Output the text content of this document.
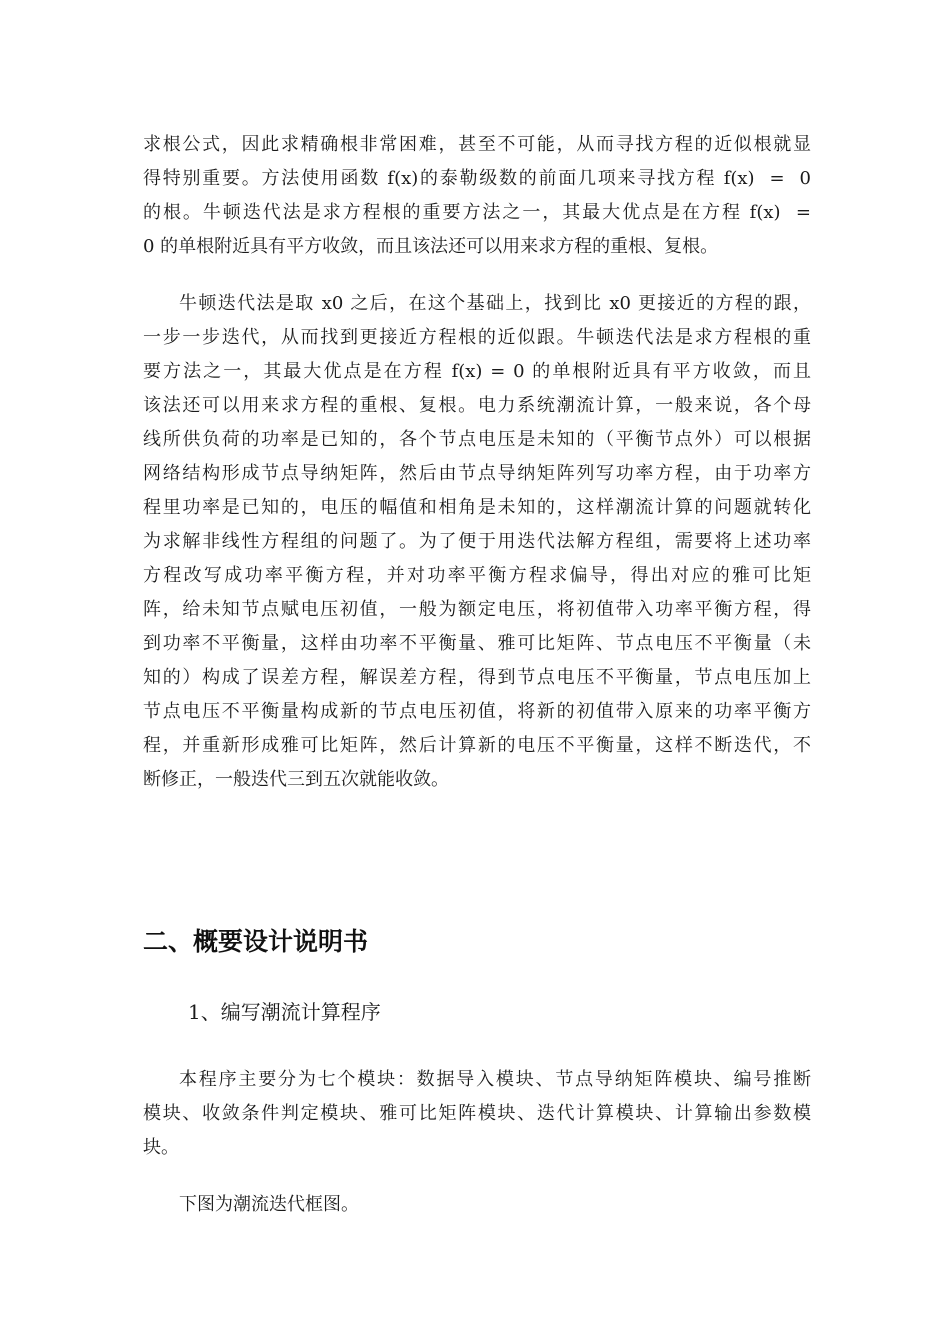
求根公式，因此求精确根非常困难，甚至不可能，从而寻找方程的近似根就显
得特别重要。方法使用函数 f(x)的泰勒级数的前面几项来寻找方程 f(x)  =  0
的根。牛顿迭代法是求方程根的重要方法之一，其最大优点是在方程 f(x)  =
0 的单根附近具有平方收敛，而且该法还可以用来求方程的重根、复根。
牛顿迭代法是取 x0 之后，在这个基础上，找到比 x0 更接近的方程的跟，
一步一步迭代，从而找到更接近方程根的近似跟。牛顿迭代法是求方程根的重
要方法之一，其最大优点是在方程 f(x) = 0 的单根附近具有平方收敛，而且
该法还可以用来求方程的重根、复根。电力系统潮流计算，一般来说，各个母
线所供负荷的功率是已知的，各个节点电压是未知的（平衡节点外）可以根据
网络结构形成节点导纳矩阵，然后由节点导纳矩阵列写功率方程，由于功率方
程里功率是已知的，电压的幅值和相角是未知的，这样潮流计算的问题就转化
为求解非线性方程组的问题了。为了便于用迭代法解方程组，需要将上述功率
方程改写成功率平衡方程，并对功率平衡方程求偏导，得出对应的雅可比矩
阵，给未知节点赋电压初值，一般为额定电压，将初值带入功率平衡方程，得
到功率不平衡量，这样由功率不平衡量、雅可比矩阵、节点电压不平衡量（未
知的）构成了误差方程，解误差方程，得到节点电压不平衡量，节点电压加上
节点电压不平衡量构成新的节点电压初值，将新的初值带入原来的功率平衡方
程，并重新形成雅可比矩阵，然后计算新的电压不平衡量，这样不断迭代，不
断修正，一般迭代三到五次就能收敛。
二、概要设计说明书
1、编写潮流计算程序
本程序主要分为七个模块：数据导入模块、节点导纳矩阵模块、编号推断
模块、收敛条件判定模块、雅可比矩阵模块、迭代计算模块、计算输出参数模
块。
下图为潮流迭代框图。
